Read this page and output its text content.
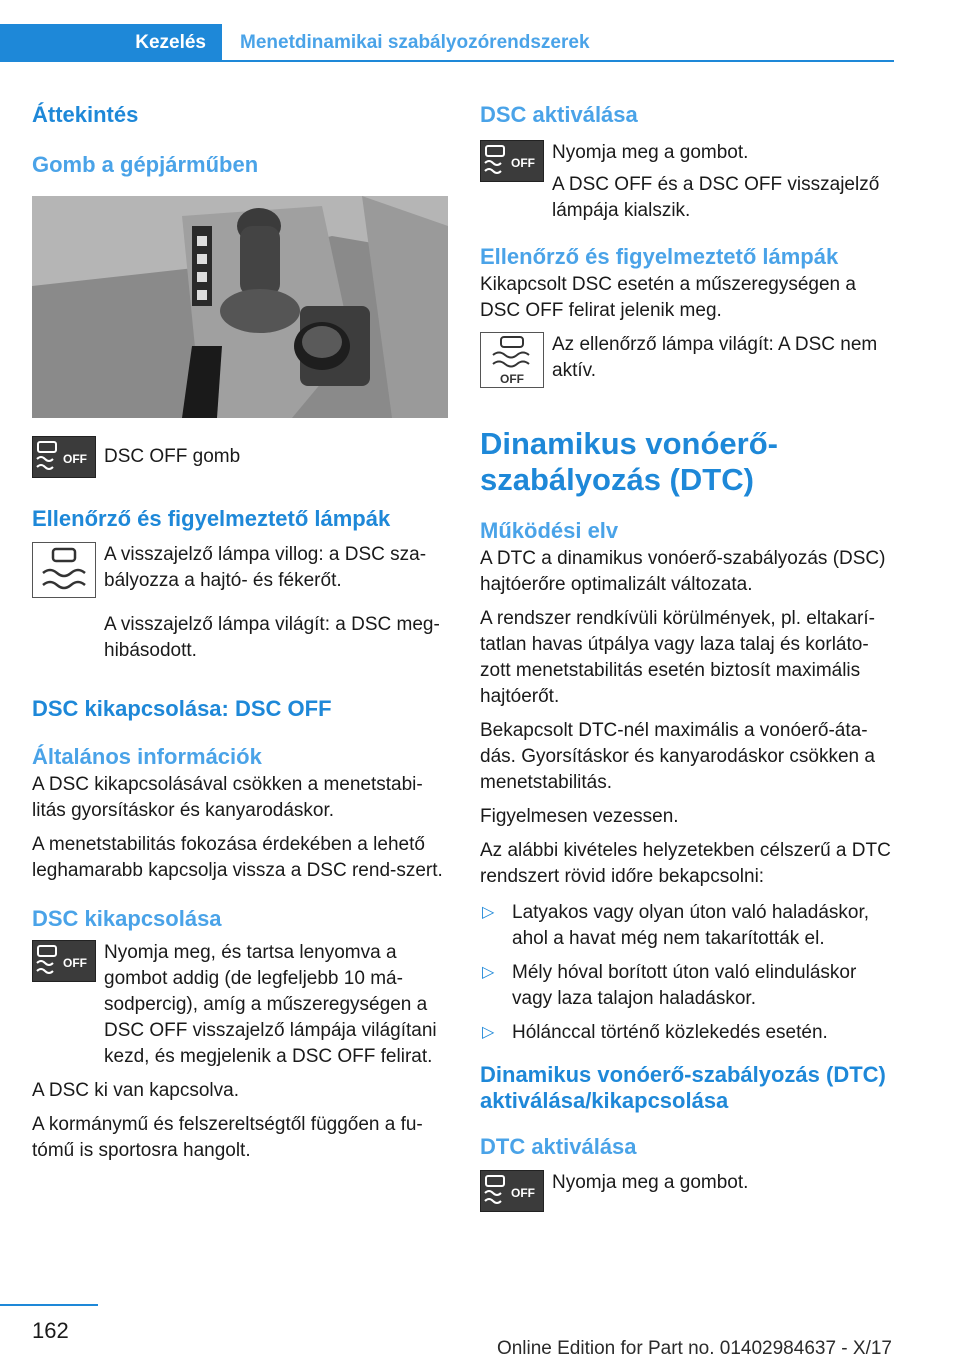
Kezelés	Menetdinamikai szabályozórendszerek
Áttekintés
Gomb a gépjárműben
OFF DSC OFF gomb

Ellenőrző és figyelmeztető lámpák

A visszajelző lámpa villog: a DSC sza-bályozza a hajtó- és fékerőt.

A visszajelző lámpa világít: a DSC meg-hibásodott.

DSC kikapcsolása: DSC OFF
Általános információk

A DSC kikapcsolásával csökken a menetstabi-litás gyorsításkor és kanyarodáskor.

A menetstabilitás fokozása érdekében a lehető leghamarabb kapcsolja vissza a DSC rend-szert.

DSC kikapcsolása
OFF Nyomja meg, és tartsa lenyomva a gombot addig (de legfeljebb 10 má-sodpercig), amíg a műszeregységen a DSC OFF visszajelző lámpája világítani kezd, és megjelenik a DSC OFF felirat.

A DSC ki van kapcsolva.

A kormánymű és felszereltségtől függően a fu-tómű is sportosra hangolt.

DSC aktiválása
OFF Nyomja meg a gombot.

A DSC OFF és a DSC OFF visszajelző lámpája kialszik.

Ellenőrző és figyelmeztető lámpák

Kikapcsolt DSC esetén a műszeregységen a DSC OFF felirat jelenik meg.

OFF

Az ellenőrző lámpa világít: A DSC nem aktív.

Dinamikus vonóerő-szabályozás (DTC)
Működési elv

A DTC a dinamikus vonóerő-szabályozás (DSC) hajtóerőre optimalizált változata.

A rendszer rendkívüli körülmények, pl. eltakarí-tatlan havas útpálya vagy laza talaj és korláto-zott menetstabilitás esetén biztosít maximális hajtóerőt.

Bekapcsolt DTC-nél maximális a vonóerő-áta-dás. Gyorsításkor és kanyarodáskor csökken a menetstabilitás.

Figyelmesen vezessen.

Az alábbi kivételes helyzetekben célszerű a DTC rendszert rövid időre bekapcsolni:

▷ Latyakos vagy olyan úton való haladáskor, ahol a havat még nem takarították el.
▷ Mély hóval borított úton való elinduláskor vagy laza talajon haladáskor.
▷ Hólánccal történő közlekedés esetén.
Dinamikus vonóerő-szabályozás (DTC) aktiválása/kikapcsolása
DTC aktiválása
OFF Nyomja meg a gombot.

162
Online Edition for Part no. 01402984637 - X/17
